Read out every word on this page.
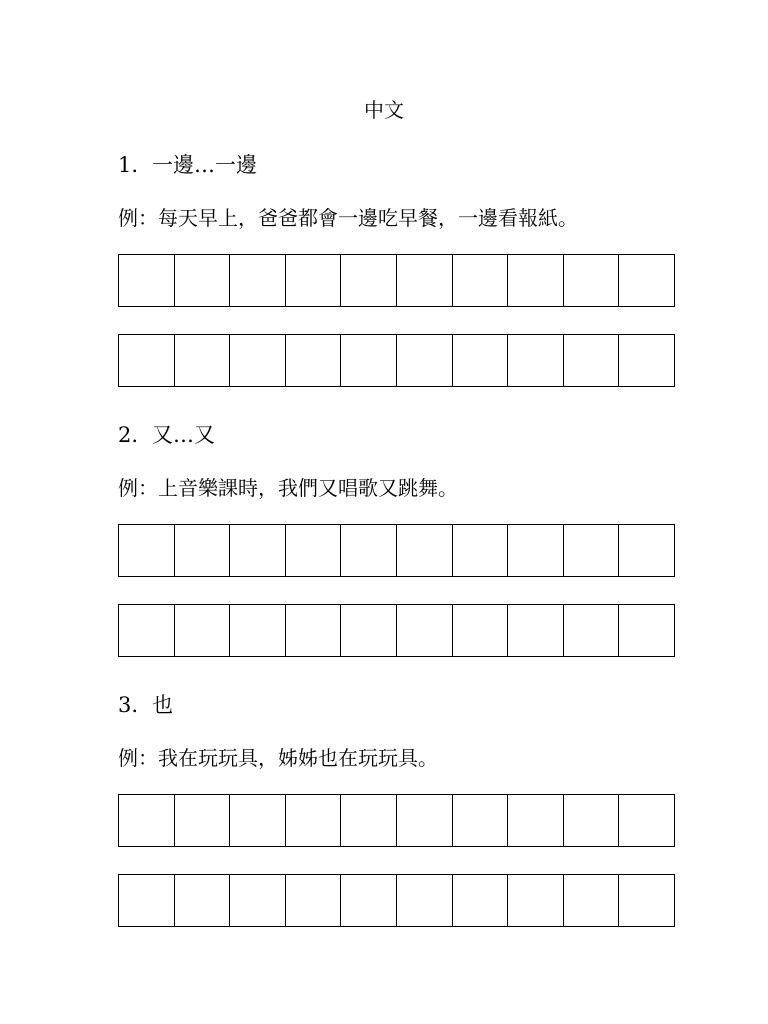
中文
1. 一邊…一邊
例：每天早上，爸爸都會一邊吃早餐，一邊看報紙。
2. 又…又
例：上音樂課時，我們又唱歌又跳舞。
3. 也
例：我在玩玩具，姊姊也在玩玩具。
